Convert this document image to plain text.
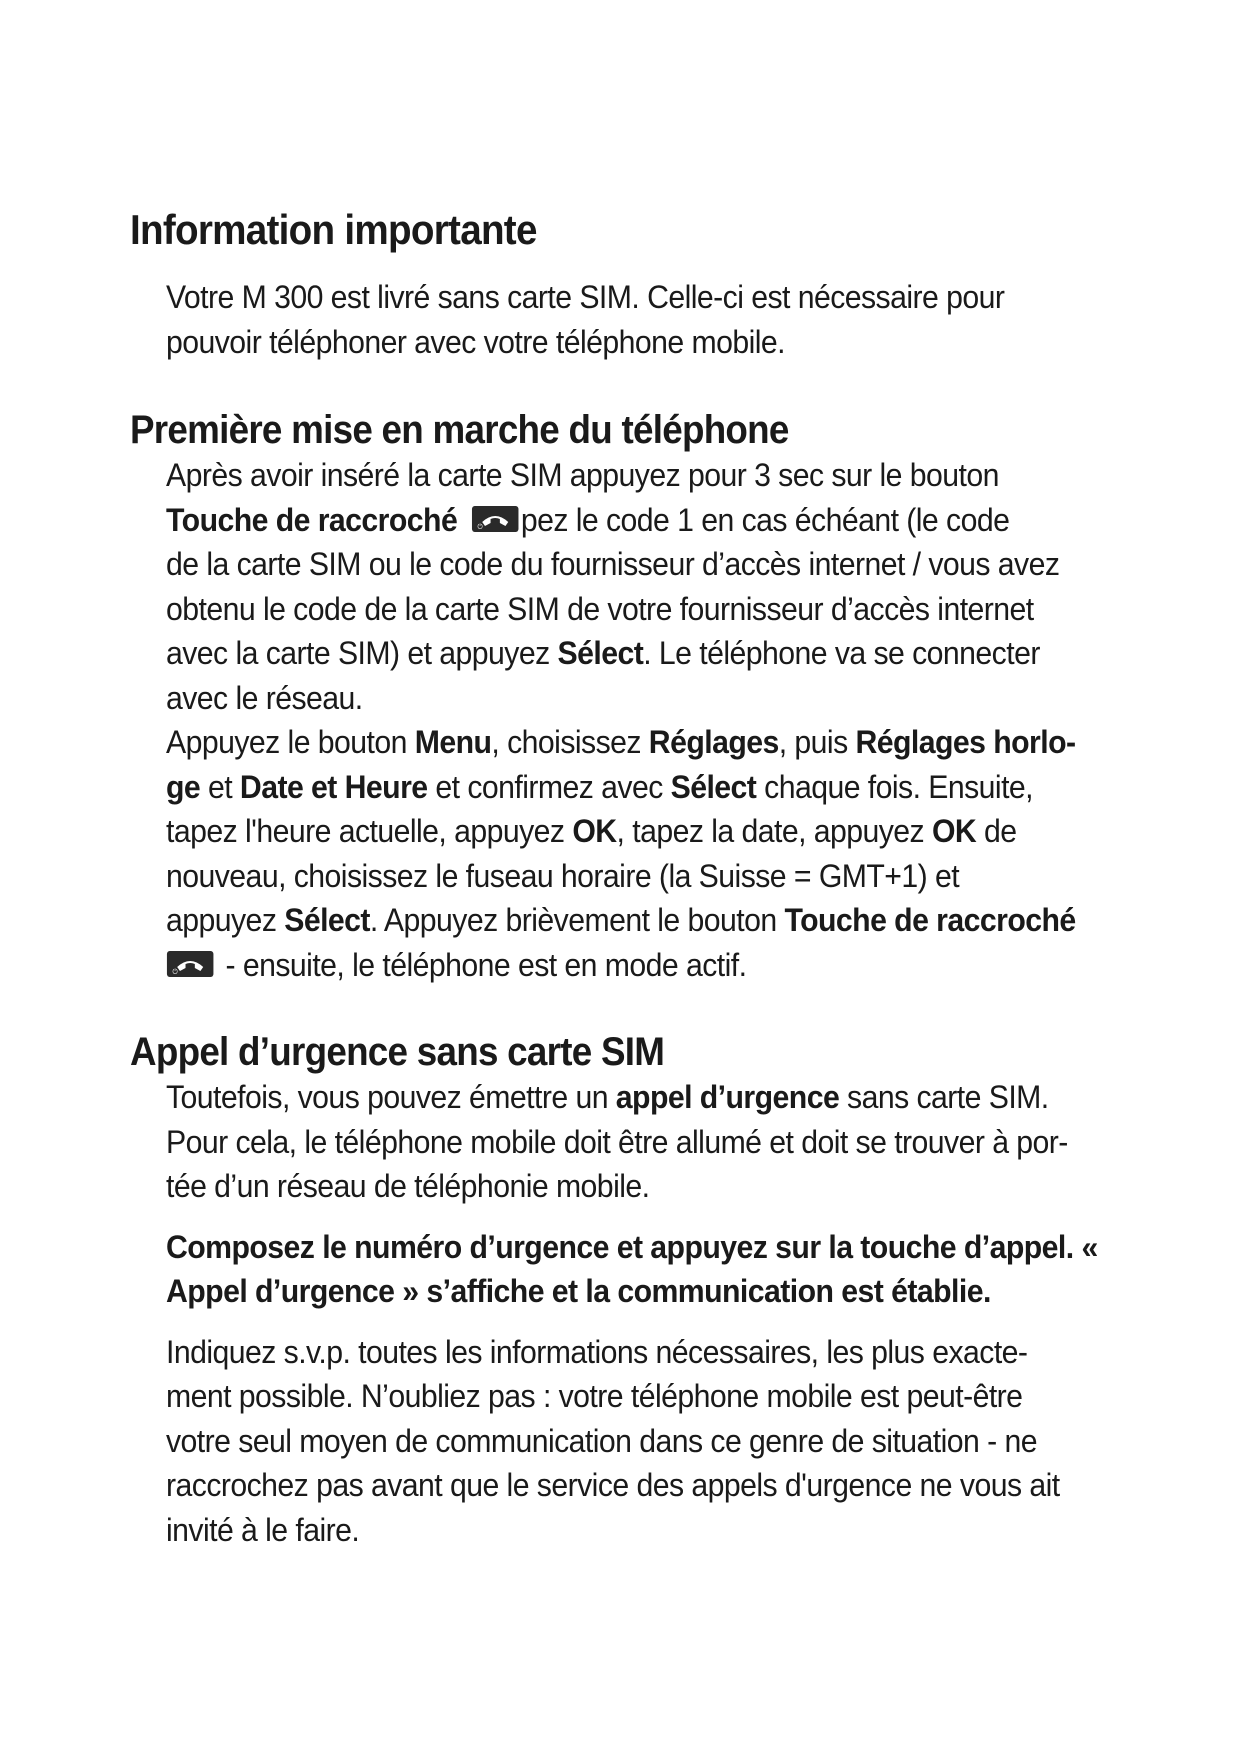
Information importante
Votre M 300 est livré sans carte SIM. Celle-ci est nécessaire pour
pouvoir téléphoner avec votre téléphone mobile.
Première mise en marche du téléphone
Après avoir inséré la carte SIM appuyez pour 3 sec sur le bouton
Touche de raccroché	⏻ pez le code 1 en cas échéant (le code
de la carte SIM ou le code du fournisseur d’accès internet / vous avez
obtenu le code de la carte SIM de votre fournisseur d’accès internet
avec la carte SIM) et appuyez Sélect. Le téléphone va se connecter
avec le réseau.
Appuyez le bouton Menu, choisissez Réglages, puis Réglages horlo-
ge et Date et Heure et confirmez avec Sélect chaque fois. Ensuite,
tapez l'heure actuelle, appuyez OK, tapez la date, appuyez OK de
nouveau, choisissez le fuseau horaire (la Suisse = GMT+1) et
appuyez Sélect. Appuyez brièvement le bouton Touche de raccroché
⏻ - ensuite, le téléphone est en mode actif.
Appel d’urgence sans carte SIM
Toutefois, vous pouvez émettre un appel d’urgence sans carte SIM.
Pour cela, le téléphone mobile doit être allumé et doit se trouver à por-
tée d’un réseau de téléphonie mobile.
Composez le numéro d’urgence et appuyez sur la touche d’appel. «
Appel d’urgence » s’affiche et la communication est établie.
Indiquez s.v.p. toutes les informations nécessaires, les plus exacte-
ment possible. N’oubliez pas : votre téléphone mobile est peut-être
votre seul moyen de communication dans ce genre de situation - ne
raccrochez pas avant que le service des appels d'urgence ne vous ait
invité à le faire.
